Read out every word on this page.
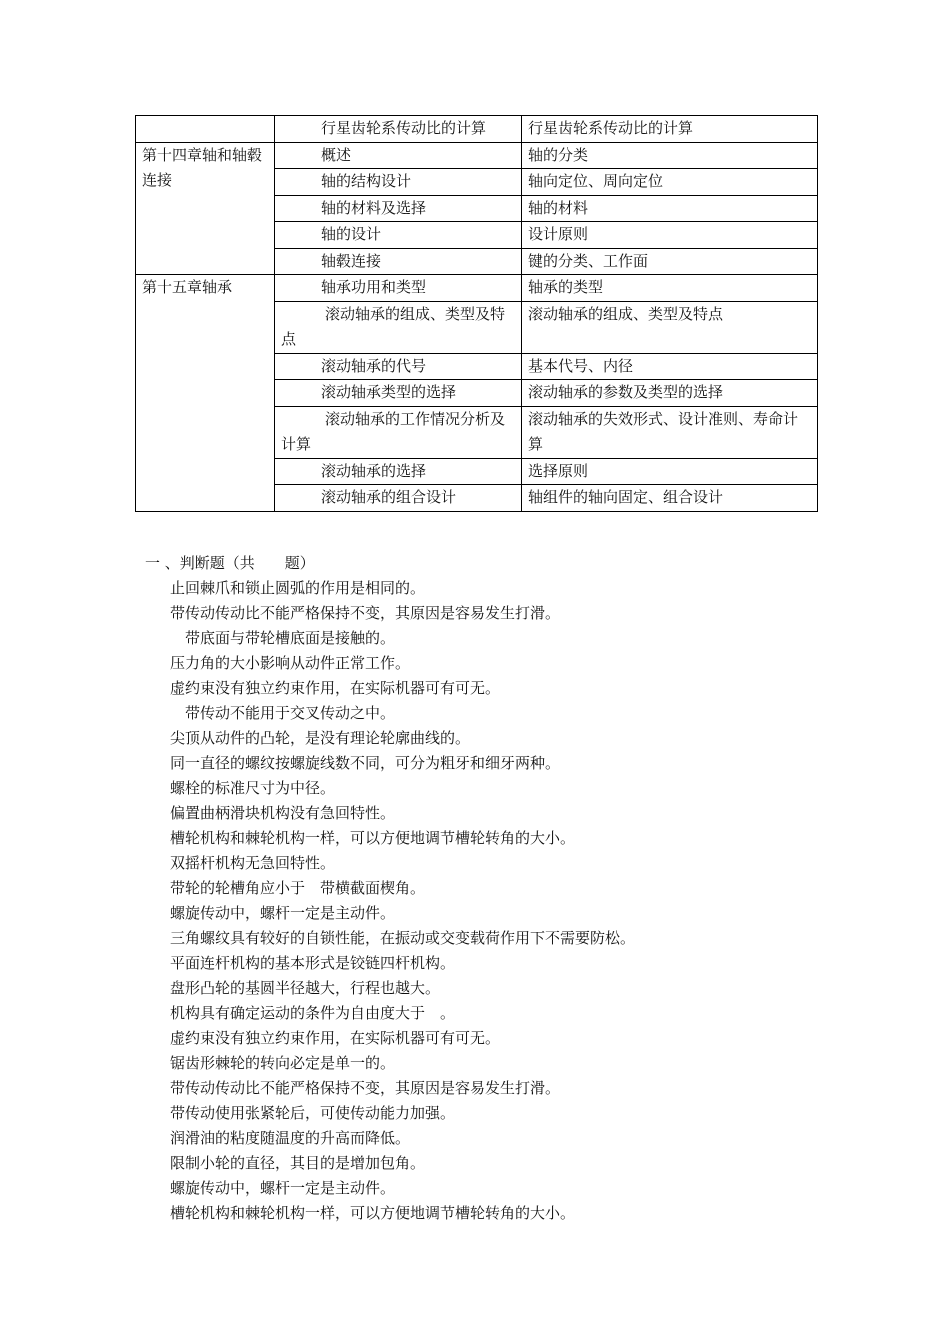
	行星齿轮系传动比的计算	行星齿轮系传动比的计算
第十四章轴和轴毂连接	概述	轴的分类
	轴的结构设计	轴向定位、周向定位
	轴的材料及选择	轴的材料
	轴的设计	设计原则
	轴毂连接	键的分类、工作面
第十五章轴承	轴承功用和类型	轴承的类型
	滚动轴承的组成、类型及特点	滚动轴承的组成、类型及特点
	滚动轴承的代号	基本代号、内径
	滚动轴承类型的选择	滚动轴承的参数及类型的选择
	滚动轴承的工作情况分析及计算	滚动轴承的失效形式、设计准则、寿命计算
	滚动轴承的选择	选择原则
	滚动轴承的组合设计	轴组件的轴向固定、组合设计

一 、判断题（共　　题）

止回棘爪和锁止圆弧的作用是相同的。
带传动传动比不能严格保持不变，其原因是容易发生打滑。
　带底面与带轮槽底面是接触的。
压力角的大小影响从动件正常工作。
虚约束没有独立约束作用，在实际机器可有可无。
　带传动不能用于交叉传动之中。
尖顶从动件的凸轮，是没有理论轮廓曲线的。
同一直径的螺纹按螺旋线数不同，可分为粗牙和细牙两种。
螺栓的标准尺寸为中径。
偏置曲柄滑块机构没有急回特性。
槽轮机构和棘轮机构一样，可以方便地调节槽轮转角的大小。
双摇杆机构无急回特性。
带轮的轮槽角应小于　带横截面楔角。
螺旋传动中，螺杆一定是主动件。
三角螺纹具有较好的自锁性能，在振动或交变载荷作用下不需要防松。
平面连杆机构的基本形式是铰链四杆机构。
盘形凸轮的基圆半径越大，行程也越大。
机构具有确定运动的条件为自由度大于　。
虚约束没有独立约束作用，在实际机器可有可无。
锯齿形棘轮的转向必定是单一的。
带传动传动比不能严格保持不变，其原因是容易发生打滑。
带传动使用张紧轮后，可使传动能力加强。
润滑油的粘度随温度的升高而降低。
限制小轮的直径，其目的是增加包角。
螺旋传动中，螺杆一定是主动件。
槽轮机构和棘轮机构一样，可以方便地调节槽轮转角的大小。
